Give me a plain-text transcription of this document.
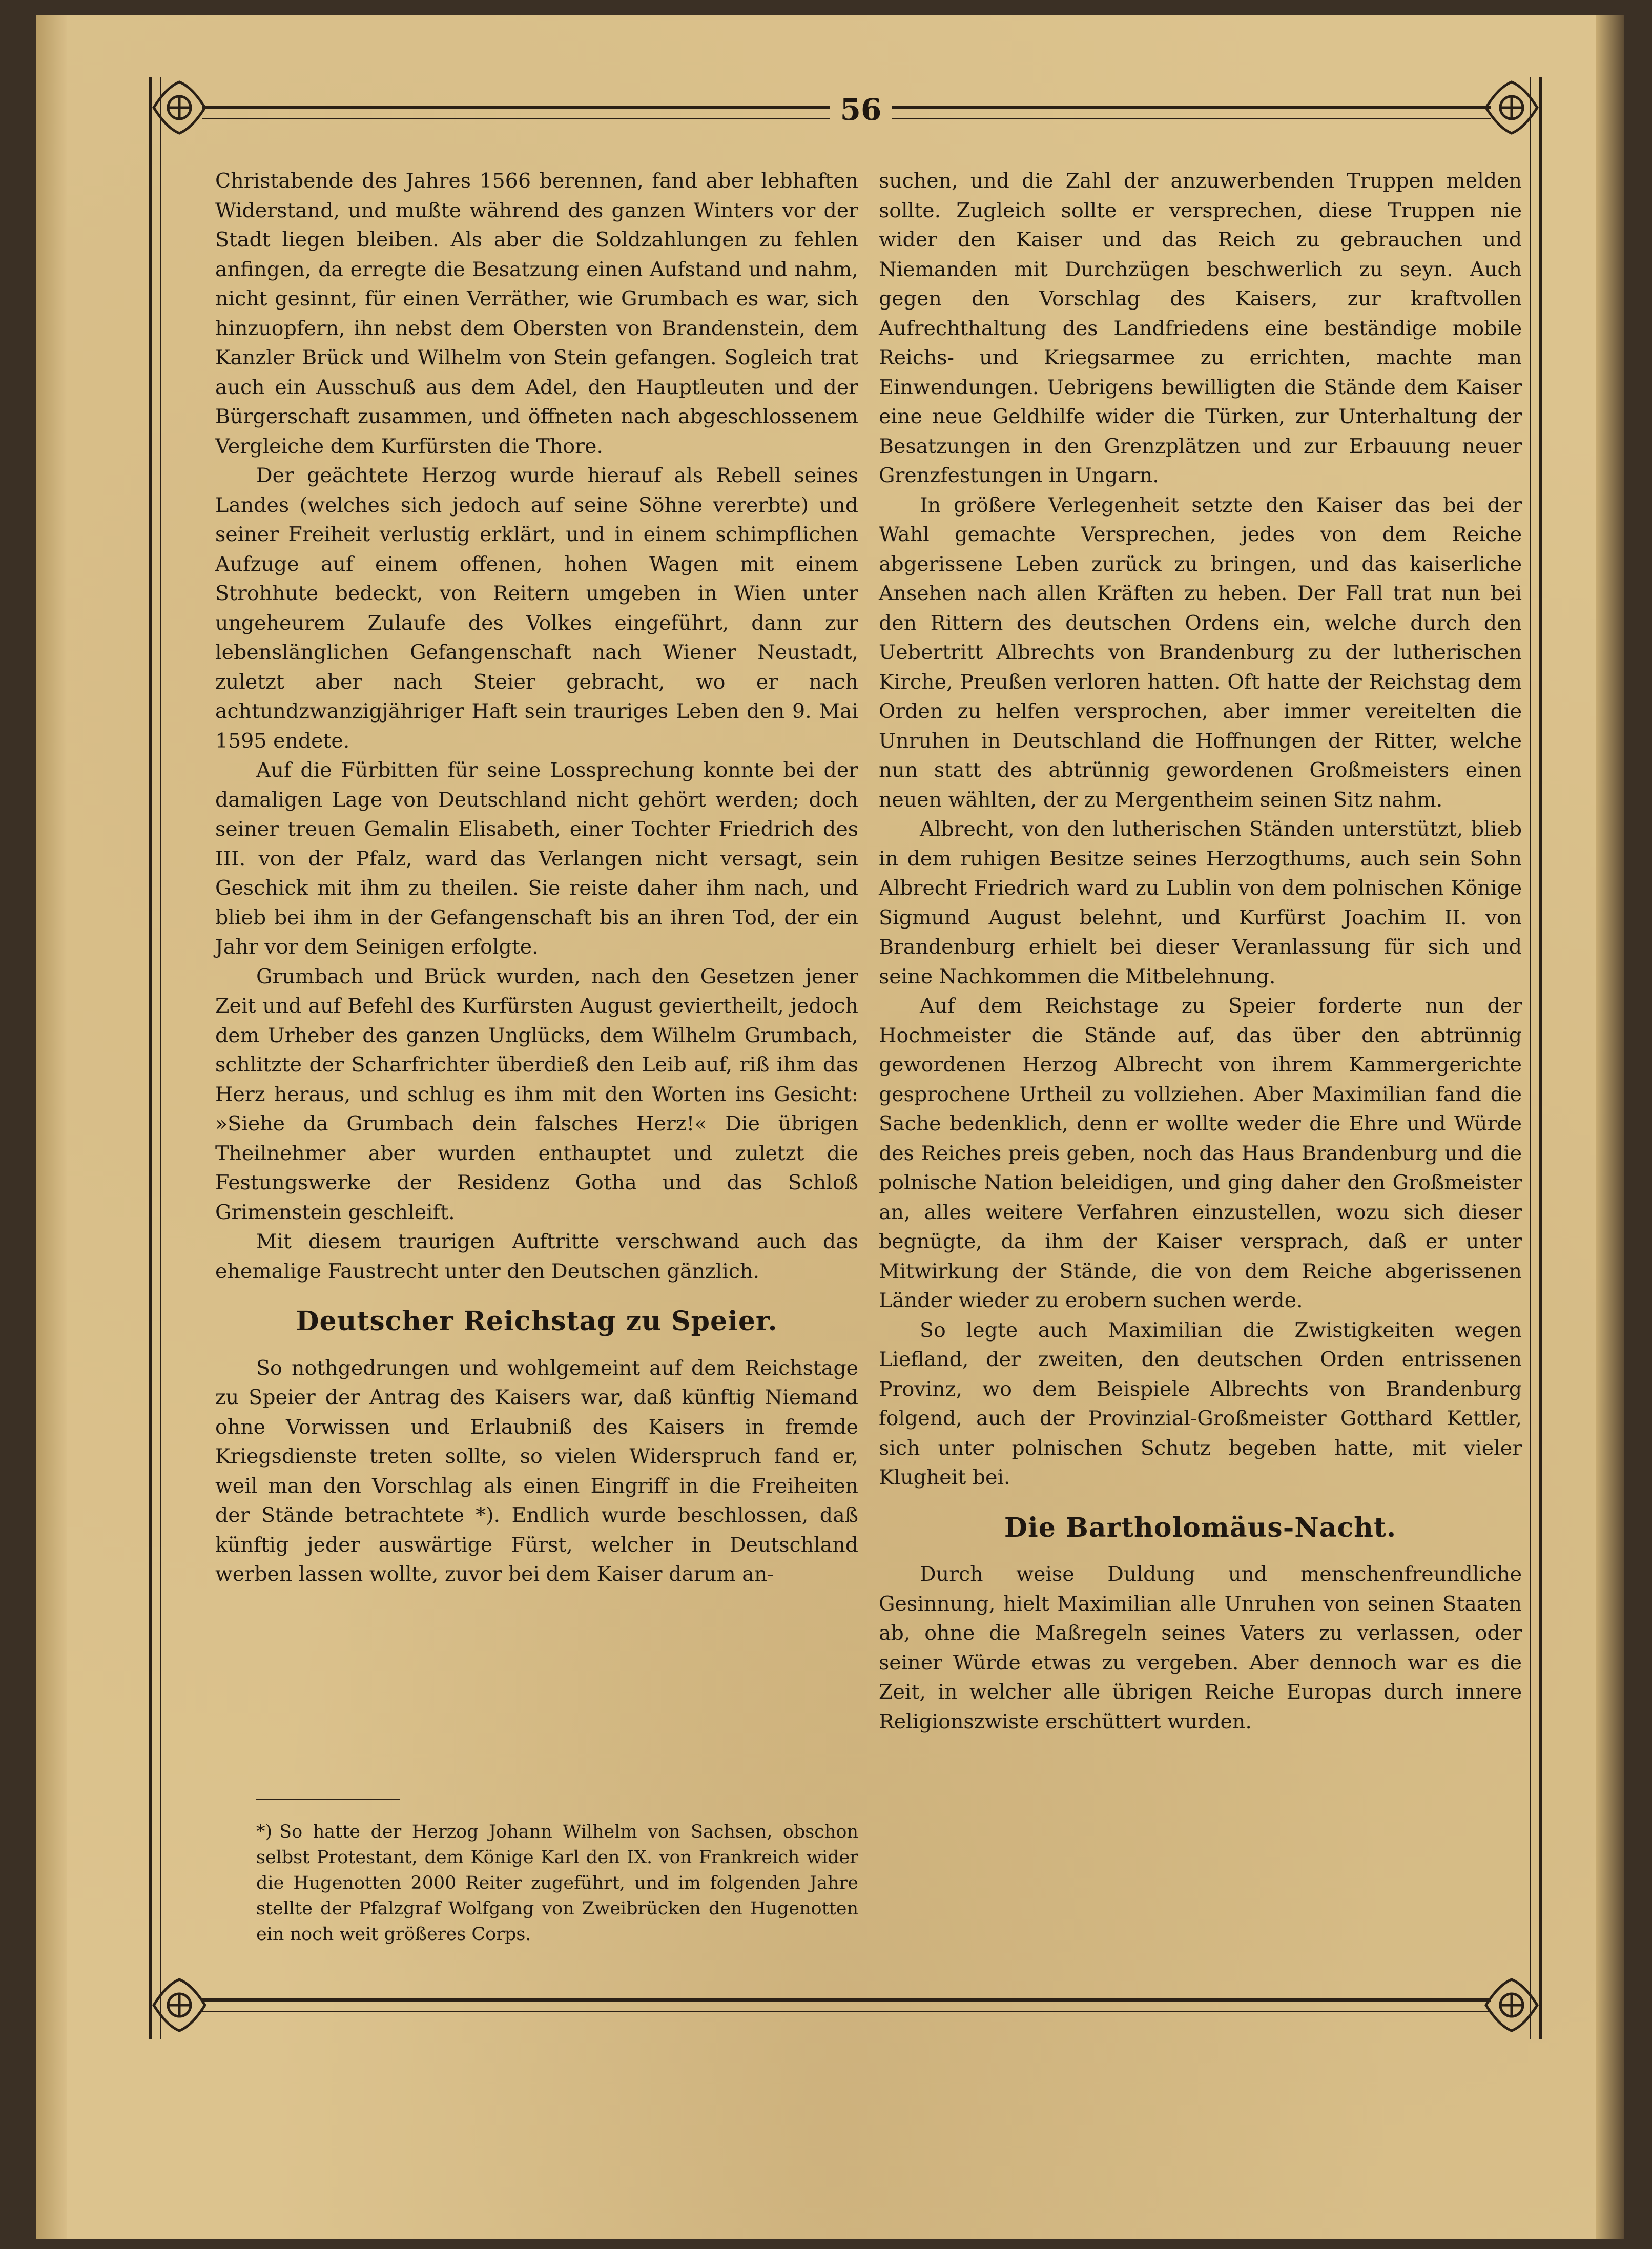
56

Christabende des Jahres 1566 berennen, fand aber lebhaften Widerstand, und mußte während des ganzen Winters vor der Stadt liegen bleiben. Als aber die Soldzahlungen zu fehlen anfingen, da erregte die Besatzung einen Aufstand und nahm, nicht gesinnt, für einen Verräther, wie Grumbach es war, sich hinzuopfern, ihn nebst dem Obersten von Brandenstein, dem Kanzler Brück und Wilhelm von Stein gefangen. Sogleich trat auch ein Ausschuß aus dem Adel, den Hauptleuten und der Bürgerschaft zusammen, und öffneten nach abgeschlossenem Vergleiche dem Kurfürsten die Thore.

Der geächtete Herzog wurde hierauf als Rebell seines Landes (welches sich jedoch auf seine Söhne vererbte) und seiner Freiheit verlustig erklärt, und in einem schimpflichen Aufzuge auf einem offenen, hohen Wagen mit einem Strohhute bedeckt, von Reitern umgeben in Wien unter ungeheurem Zulaufe des Volkes eingeführt, dann zur lebenslänglichen Gefangenschaft nach Wiener Neustadt, zuletzt aber nach Steier gebracht, wo er nach achtundzwanzigjähriger Haft sein trauriges Leben den 9. Mai 1595 endete.

Auf die Fürbitten für seine Lossprechung konnte bei der damaligen Lage von Deutschland nicht gehört werden; doch seiner treuen Gemalin Elisabeth, einer Tochter Friedrich des III. von der Pfalz, ward das Verlangen nicht versagt, sein Geschick mit ihm zu theilen. Sie reiste daher ihm nach, und blieb bei ihm in der Gefangenschaft bis an ihren Tod, der ein Jahr vor dem Seinigen erfolgte.

Grumbach und Brück wurden, nach den Gesetzen jener Zeit und auf Befehl des Kurfürsten August geviertheilt, jedoch dem Urheber des ganzen Unglücks, dem Wilhelm Grumbach, schlitzte der Scharfrichter überdieß den Leib auf, riß ihm das Herz heraus, und schlug es ihm mit den Worten ins Gesicht: »Siehe da Grumbach dein falsches Herz!« Die übrigen Theilnehmer aber wurden enthauptet und zuletzt die Festungswerke der Residenz Gotha und das Schloß Grimenstein geschleift.

Mit diesem traurigen Auftritte verschwand auch das ehemalige Faustrecht unter den Deutschen gänzlich.

Deutscher Reichstag zu Speier.

So nothgedrungen und wohlgemeint auf dem Reichstage zu Speier der Antrag des Kaisers war, daß künftig Niemand ohne Vorwissen und Erlaubniß des Kaisers in fremde Kriegsdienste treten sollte, so vielen Widerspruch fand er, weil man den Vorschlag als einen Eingriff in die Freiheiten der Stände betrachtete *). Endlich wurde beschlossen, daß künftig jeder auswärtige Fürst, welcher in Deutschland werben lassen wollte, zuvor bei dem Kaiser darum an-

*) So hatte der Herzog Johann Wilhelm von Sachsen, obschon selbst Protestant, dem Könige Karl den IX. von Frankreich wider die Hugenotten 2000 Reiter zugeführt, und im folgenden Jahre stellte der Pfalzgraf Wolfgang von Zweibrücken den Hugenotten ein noch weit größeres Corps.

suchen, und die Zahl der anzuwerbenden Truppen melden sollte. Zugleich sollte er versprechen, diese Truppen nie wider den Kaiser und das Reich zu gebrauchen und Niemanden mit Durchzügen beschwerlich zu seyn. Auch gegen den Vorschlag des Kaisers, zur kraftvollen Aufrechthaltung des Landfriedens eine beständige mobile Reichs- und Kriegsarmee zu errichten, machte man Einwendungen. Uebrigens bewilligten die Stände dem Kaiser eine neue Geldhilfe wider die Türken, zur Unterhaltung der Besatzungen in den Grenzplätzen und zur Erbauung neuer Grenzfestungen in Ungarn.

In größere Verlegenheit setzte den Kaiser das bei der Wahl gemachte Versprechen, jedes von dem Reiche abgerissene Leben zurück zu bringen, und das kaiserliche Ansehen nach allen Kräften zu heben. Der Fall trat nun bei den Rittern des deutschen Ordens ein, welche durch den Uebertritt Albrechts von Brandenburg zu der lutherischen Kirche, Preußen verloren hatten. Oft hatte der Reichstag dem Orden zu helfen versprochen, aber immer vereitelten die Unruhen in Deutschland die Hoffnungen der Ritter, welche nun statt des abtrünnig gewordenen Großmeisters einen neuen wählten, der zu Mergentheim seinen Sitz nahm.

Albrecht, von den lutherischen Ständen unterstützt, blieb in dem ruhigen Besitze seines Herzogthums, auch sein Sohn Albrecht Friedrich ward zu Lublin von dem polnischen Könige Sigmund August belehnt, und Kurfürst Joachim II. von Brandenburg erhielt bei dieser Veranlassung für sich und seine Nachkommen die Mitbelehnung.

Auf dem Reichstage zu Speier forderte nun der Hochmeister die Stände auf, das über den abtrünnig gewordenen Herzog Albrecht von ihrem Kammergerichte gesprochene Urtheil zu vollziehen. Aber Maximilian fand die Sache bedenklich, denn er wollte weder die Ehre und Würde des Reiches preis geben, noch das Haus Brandenburg und die polnische Nation beleidigen, und ging daher den Großmeister an, alles weitere Verfahren einzustellen, wozu sich dieser begnügte, da ihm der Kaiser versprach, daß er unter Mitwirkung der Stände, die von dem Reiche abgerissenen Länder wieder zu erobern suchen werde.

So legte auch Maximilian die Zwistigkeiten wegen Liefland, der zweiten, den deutschen Orden entrissenen Provinz, wo dem Beispiele Albrechts von Brandenburg folgend, auch der Provinzial-Großmeister Gotthard Kettler, sich unter polnischen Schutz begeben hatte, mit vieler Klugheit bei.

Die Bartholomäus-Nacht.

Durch weise Duldung und menschenfreundliche Gesinnung, hielt Maximilian alle Unruhen von seinen Staaten ab, ohne die Maßregeln seines Vaters zu verlassen, oder seiner Würde etwas zu vergeben. Aber dennoch war es die Zeit, in welcher alle übrigen Reiche Europas durch innere Religionszwiste erschüttert wurden.
